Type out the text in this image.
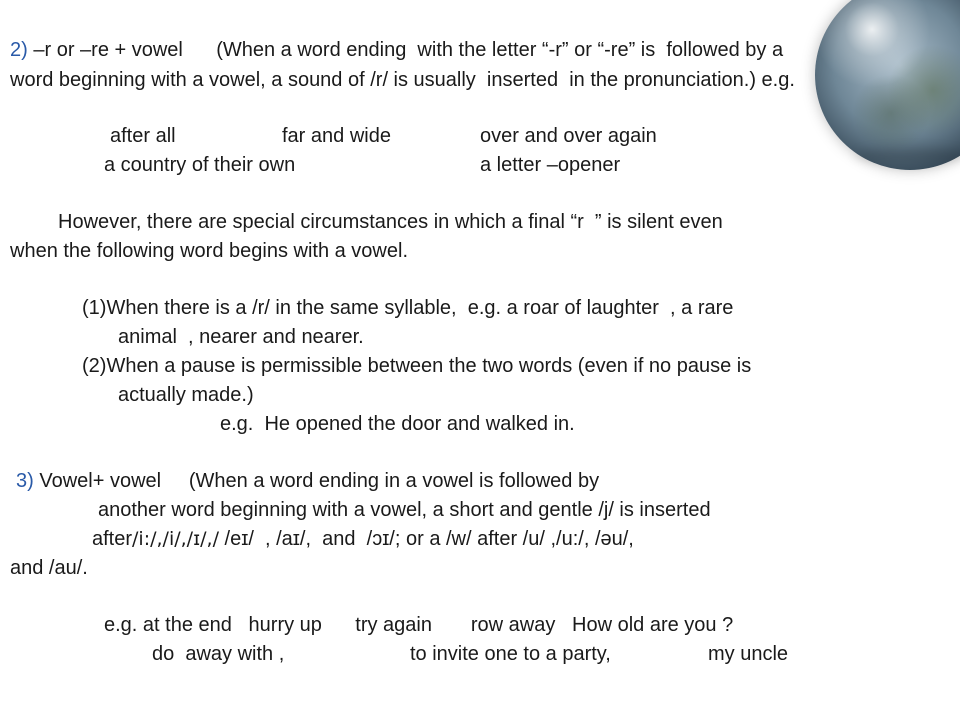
2) –r or –re + vowel      (When a word ending  with the letter “-r” or “-re” is  followed by a
word beginning with a vowel, a sound of /r/ is usually  inserted  in the pronunciation.) e.g.
after all	far and wide	over and over again
a country of their own	a letter –opener
However, there are special circumstances in which a final “r  ” is silent even
when the following word begins with a vowel.
(1)When there is a /r/ in the same syllable,  e.g. a roar of laughter  , a rare
animal  , nearer and nearer.
(2)When a pause is permissible between the two words (even if no pause is
actually made.)
e.g.  He opened the door and walked in.
3) Vowel+ vowel     (When a word ending in a vowel is followed by
another word beginning with a vowel, a short and gentle /j/ is inserted
after/i:/,/i/,/ɪ/,/ /eɪ/  , /aɪ/,  and  /ɔɪ/; or a /w/ after /u/ ,/u:/, /əu/,
and /au/.
e.g. at the end   hurry up      try again       row away   How old are you ?
do  away with ,	to invite one to a party,	my uncle
